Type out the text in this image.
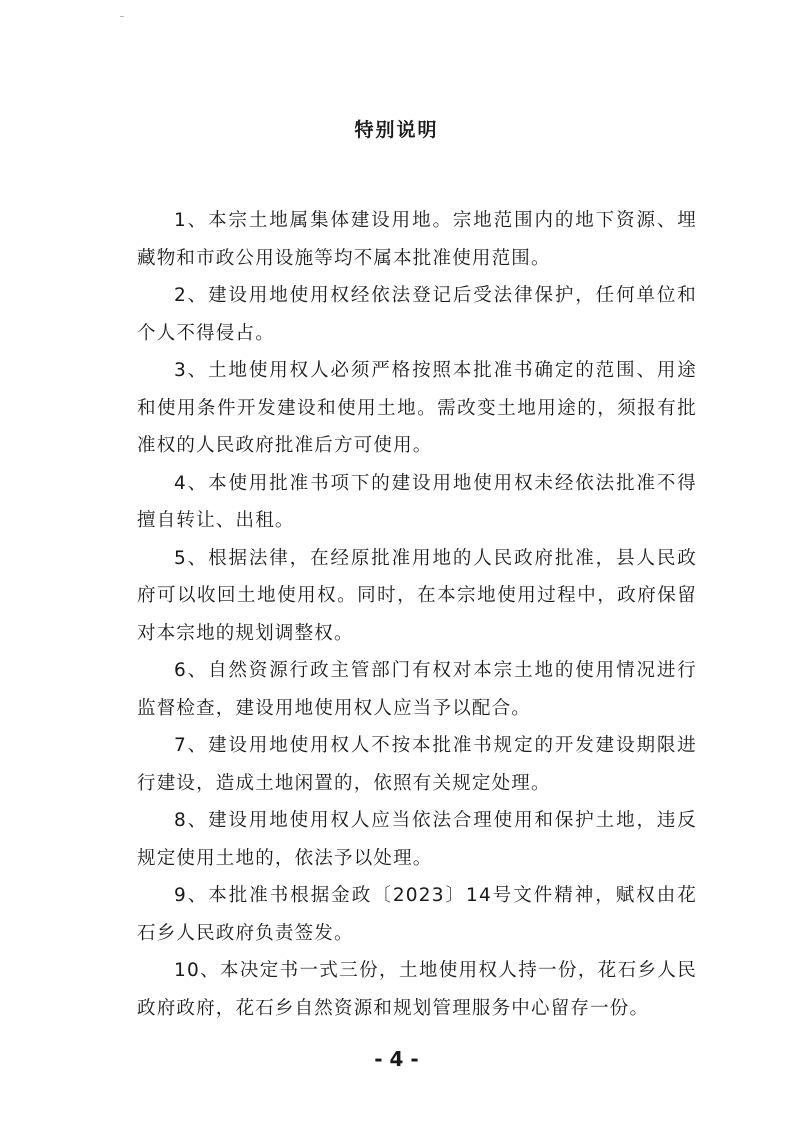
特别说明

1、本宗土地属集体建设用地。宗地范围内的地下资源、埋藏物和市政公用设施等均不属本批准使用范围。

2、建设用地使用权经依法登记后受法律保护，任何单位和个人不得侵占。

3、土地使用权人必须严格按照本批准书确定的范围、用途和使用条件开发建设和使用土地。需改变土地用途的，须报有批准权的人民政府批准后方可使用。

4、本使用批准书项下的建设用地使用权未经依法批准不得擅自转让、出租。

5、根据法律，在经原批准用地的人民政府批准，县人民政府可以收回土地使用权。同时，在本宗地使用过程中，政府保留对本宗地的规划调整权。

6、自然资源行政主管部门有权对本宗土地的使用情况进行监督检查，建设用地使用权人应当予以配合。

7、建设用地使用权人不按本批准书规定的开发建设期限进行建设，造成土地闲置的，依照有关规定处理。

8、建设用地使用权人应当依法合理使用和保护土地，违反规定使用土地的，依法予以处理。

9、本批准书根据金政〔2023〕14号文件精神，赋权由花石乡人民政府负责签发。

10、本决定书一式三份，土地使用权人持一份，花石乡人民政府政府，花石乡自然资源和规划管理服务中心留存一份。

- 4 -
